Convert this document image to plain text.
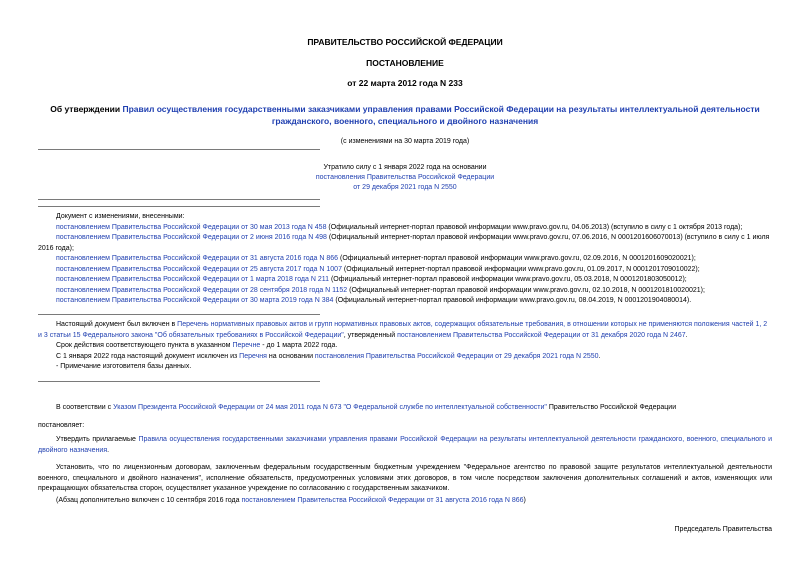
ПРАВИТЕЛЬСТВО РОССИЙСКОЙ ФЕДЕРАЦИИ
ПОСТАНОВЛЕНИЕ
от 22 марта 2012 года N 233
Об утверждении Правил осуществления государственными заказчиками управления правами Российской Федерации на результаты интеллектуальной деятельности гражданского, военного, специального и двойного назначения
(с изменениями на 30 марта 2019 года)
Утратило силу с 1 января 2022 года на основании
постановления Правительства Российской Федерации
от 29 декабря 2021 года N 2550
Документ с изменениями, внесенными:
постановлением Правительства Российской Федерации от 30 мая 2013 года N 458 (Официальный интернет-портал правовой информации www.pravo.gov.ru, 04.06.2013) (вступило в силу с 1 октября 2013 года);
постановлением Правительства Российской Федерации от 2 июня 2016 года N 498 (Официальный интернет-портал правовой информации www.pravo.gov.ru, 07.06.2016, N 0001201606070013) (вступило в силу с 1 июля 2016 года);
постановлением Правительства Российской Федерации от 31 августа 2016 года N 866 (Официальный интернет-портал правовой информации www.pravo.gov.ru, 02.09.2016, N 0001201609020021);
постановлением Правительства Российской Федерации от 25 августа 2017 года N 1007 (Официальный интернет-портал правовой информации www.pravo.gov.ru, 01.09.2017, N 0001201709010022);
постановлением Правительства Российской Федерации от 1 марта 2018 года N 211 (Официальный интернет-портал правовой информации www.pravo.gov.ru, 05.03.2018, N 0001201803050012);
постановлением Правительства Российской Федерации от 28 сентября 2018 года N 1152 (Официальный интернет-портал правовой информации www.pravo.gov.ru, 02.10.2018, N 0001201810020021);
постановлением Правительства Российской Федерации от 30 марта 2019 года N 384 (Официальный интернет-портал правовой информации www.pravo.gov.ru, 08.04.2019, N 0001201904080014).
Настоящий документ был включен в Перечень нормативных правовых актов и групп нормативных правовых актов, содержащих обязательные требования, в отношении которых не применяются положения частей 1, 2 и 3 статьи 15 Федерального закона "Об обязательных требованиях в Российской Федерации", утвержденный постановлением Правительства Российской Федерации от 31 декабря 2020 года N 2467.
Срок действия соответствующего пункта в указанном Перечне - до 1 марта 2022 года.
С 1 января 2022 года настоящий документ исключен из Перечня на основании постановления Правительства Российской Федерации от 29 декабря 2021 года N 2550.
- Примечание изготовителя базы данных.
В соответствии с Указом Президента Российской Федерации от 24 мая 2011 года N 673 "О Федеральной службе по интеллектуальной собственности" Правительство Российской Федерации
постановляет:
Утвердить прилагаемые Правила осуществления государственными заказчиками управления правами Российской Федерации на результаты интеллектуальной деятельности гражданского, военного, специального и двойного назначения.
Установить, что по лицензионным договорам, заключенным федеральным государственным бюджетным учреждением "Федеральное агентство по правовой защите результатов интеллектуальной деятельности военного, специального и двойного назначения", исполнение обязательств, предусмотренных условиями этих договоров, в том числе посредством заключения дополнительных соглашений и актов, изменяющих или прекращающих обязательства сторон, осуществляет указанное учреждение по согласованию с государственным заказчиком.
(Абзац дополнительно включен с 10 сентября 2016 года постановлением Правительства Российской Федерации от 31 августа 2016 года N 866)
Председатель Правительства
